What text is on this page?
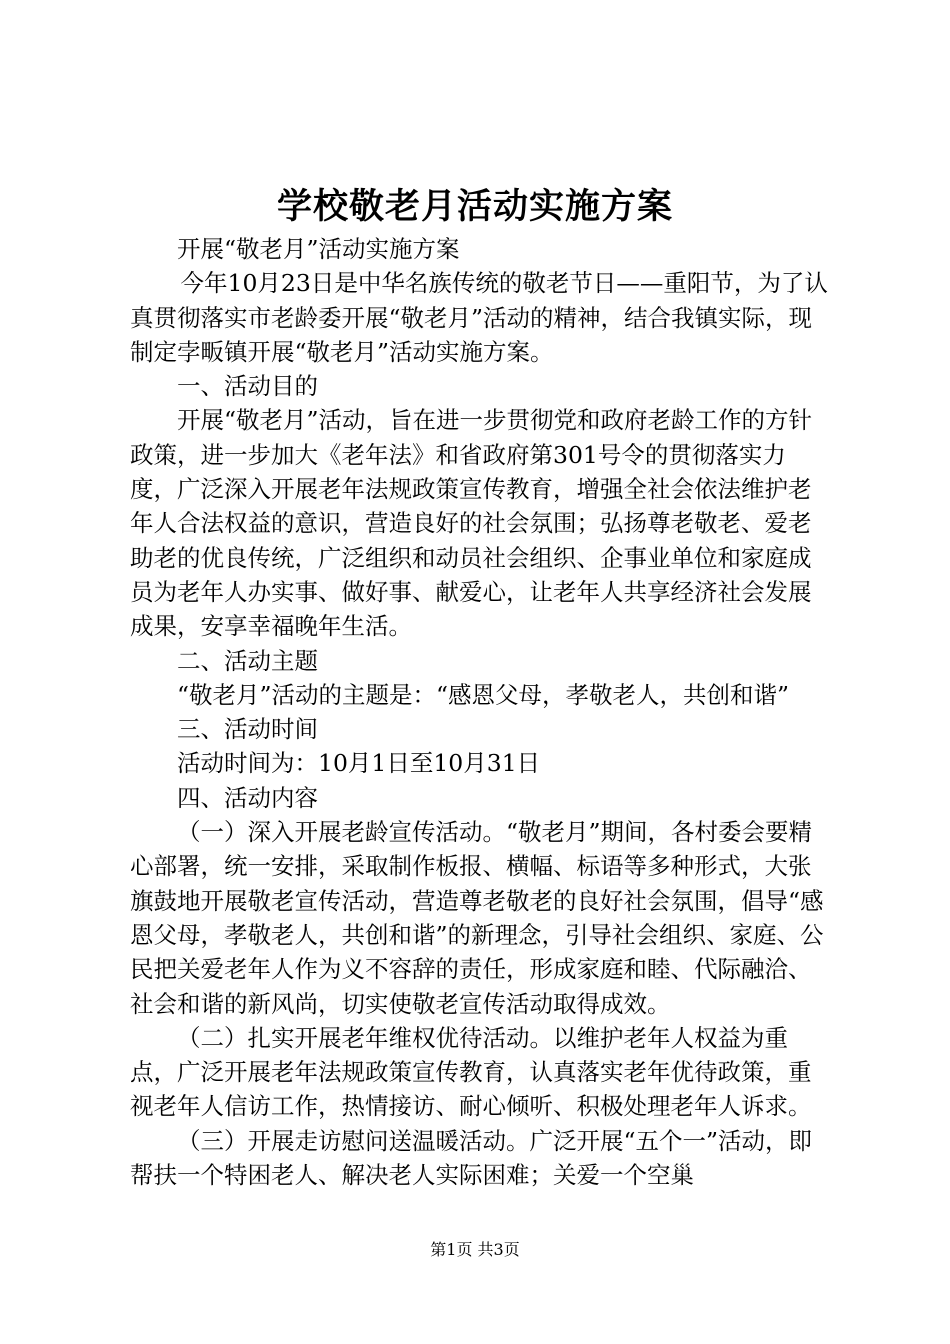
学校敬老月活动实施方案

开展“敬老月”活动实施方案

今年10月23日是中华名族传统的敬老节日——重阳节，为了认真贯彻落实市老龄委开展“敬老月”活动的精神，结合我镇实际，现制定孛畈镇开展“敬老月”活动实施方案。

一、活动目的

开展“敬老月”活动，旨在进一步贯彻党和政府老龄工作的方针政策，进一步加大《老年法》和省政府第301号令的贯彻落实力度，广泛深入开展老年法规政策宣传教育，增强全社会依法维护老年人合法权益的意识，营造良好的社会氛围；弘扬尊老敬老、爱老助老的优良传统，广泛组织和动员社会组织、企事业单位和家庭成员为老年人办实事、做好事、献爱心，让老年人共享经济社会发展成果，安享幸福晚年生活。

二、活动主题

“敬老月”活动的主题是：“感恩父母，孝敬老人，共创和谐”

三、活动时间

活动时间为：10月1日至10月31日

四、活动内容

（一）深入开展老龄宣传活动。“敬老月”期间，各村委会要精心部署，统一安排，采取制作板报、横幅、标语等多种形式，大张旗鼓地开展敬老宣传活动，营造尊老敬老的良好社会氛围，倡导“感恩父母，孝敬老人，共创和谐”的新理念，引导社会组织、家庭、公民把关爱老年人作为义不容辞的责任，形成家庭和睦、代际融洽、社会和谐的新风尚，切实使敬老宣传活动取得成效。

（二）扎实开展老年维权优待活动。以维护老年人权益为重点，广泛开展老年法规政策宣传教育，认真落实老年优待政策，重视老年人信访工作，热情接访、耐心倾听、积极处理老年人诉求。

（三）开展走访慰问送温暖活动。广泛开展“五个一”活动，即帮扶一个特困老人、解决老人实际困难；关爱一个空巢

第1页 共3页
